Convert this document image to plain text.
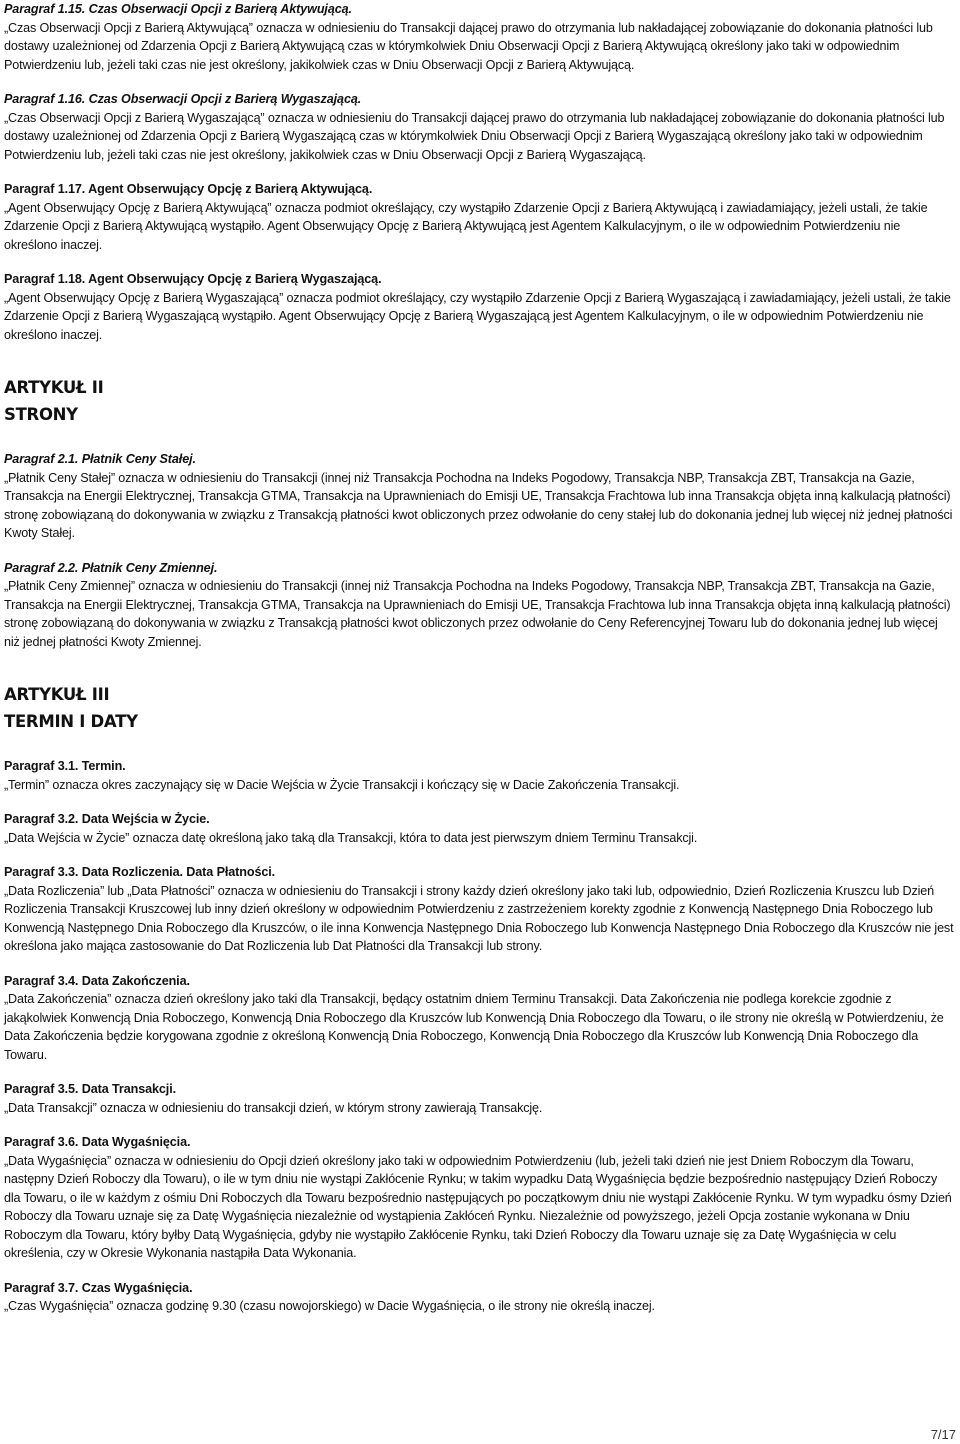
Paragraf 1.15. Czas Obserwacji Opcji z Barierą Aktywującą.

„Czas Obserwacji Opcji z Barierą Aktywującą” oznacza w odniesieniu do Transakcji dającej prawo do otrzymania lub nakładającej zobowiązanie do dokonania płatności lub dostawy uzależnionej od Zdarzenia Opcji z Barierą Aktywującą czas w którymkolwiek Dniu Obserwacji Opcji z Barierą Aktywującą określony jako taki w odpowiednim Potwierdzeniu lub, jeżeli taki czas nie jest określony, jakikolwiek czas w Dniu Obserwacji Opcji z Barierą Aktywującą.

Paragraf 1.16. Czas Obserwacji Opcji z Barierą Wygaszającą.

„Czas Obserwacji Opcji z Barierą Wygaszającą” oznacza w odniesieniu do Transakcji dającej prawo do otrzymania lub nakładającej zobowiązanie do dokonania płatności lub dostawy uzależnionej od Zdarzenia Opcji z Barierą Wygaszającą czas w którymkolwiek Dniu Obserwacji Opcji z Barierą Wygaszającą określony jako taki w odpowiednim Potwierdzeniu lub, jeżeli taki czas nie jest określony, jakikolwiek czas w Dniu Obserwacji Opcji z Barierą Wygaszającą.

Paragraf 1.17. Agent Obserwujący Opcję z Barierą Aktywującą.

„Agent Obserwujący Opcję z Barierą Aktywującą” oznacza podmiot określający, czy wystąpiło Zdarzenie Opcji z Barierą Aktywującą i zawiadamiający, jeżeli ustali, że takie Zdarzenie Opcji z Barierą Aktywującą wystąpiło. Agent Obserwujący Opcję z Barierą Aktywującą jest Agentem Kalkulacyjnym, o ile w odpowiednim Potwierdzeniu nie określono inaczej.

Paragraf 1.18. Agent Obserwujący Opcję z Barierą Wygaszającą.

„Agent Obserwujący Opcję z Barierą Wygaszającą” oznacza podmiot określający, czy wystąpiło Zdarzenie Opcji z Barierą Wygaszającą i zawiadamiający, jeżeli ustali, że takie Zdarzenie Opcji z Barierą Wygaszającą wystąpiło. Agent Obserwujący Opcję z Barierą Wygaszającą jest Agentem Kalkulacyjnym, o ile w odpowiednim Potwierdzeniu nie określono inaczej.

ARTYKUŁ II

STRONY

Paragraf 2.1. Płatnik Ceny Stałej.

„Płatnik Ceny Stałej” oznacza w odniesieniu do Transakcji (innej niż Transakcja Pochodna na Indeks Pogodowy, Transakcja NBP, Transakcja ZBT, Transakcja na Gazie, Transakcja na Energii Elektrycznej, Transakcja GTMA, Transakcja na Uprawnieniach do Emisji UE, Transakcja Frachtowa lub inna Transakcja objęta inną kalkulacją płatności) stronę zobowiązaną do dokonywania w związku z Transakcją płatności kwot obliczonych przez odwołanie do ceny stałej lub do dokonania jednej lub więcej niż jednej płatności Kwoty Stałej.

Paragraf 2.2. Płatnik Ceny Zmiennej.

„Płatnik Ceny Zmiennej” oznacza w odniesieniu do Transakcji (innej niż Transakcja Pochodna na Indeks Pogodowy, Transakcja NBP, Transakcja ZBT, Transakcja na Gazie, Transakcja na Energii Elektrycznej, Transakcja GTMA, Transakcja na Uprawnieniach do Emisji UE, Transakcja Frachtowa lub inna Transakcja objęta inną kalkulacją płatności) stronę zobowiązaną do dokonywania w związku z Transakcją płatności kwot obliczonych przez odwołanie do Ceny Referencyjnej Towaru lub do dokonania jednej lub więcej niż jednej płatności Kwoty Zmiennej.

ARTYKUŁ III

TERMIN I DATY

Paragraf 3.1. Termin.

„Termin” oznacza okres zaczynający się w Dacie Wejścia w Życie Transakcji i kończący się w Dacie Zakończenia Transakcji.

Paragraf 3.2. Data Wejścia w Życie.

„Data Wejścia w Życie” oznacza datę określoną jako taką dla Transakcji, która to data jest pierwszym dniem Terminu Transakcji.

Paragraf 3.3. Data Rozliczenia. Data Płatności.

„Data Rozliczenia” lub „Data Płatności” oznacza w odniesieniu do Transakcji i strony każdy dzień określony jako taki lub, odpowiednio, Dzień Rozliczenia Kruszcu lub Dzień Rozliczenia Transakcji Kruszcowej lub inny dzień określony w odpowiednim Potwierdzeniu z zastrzeżeniem korekty zgodnie z Konwencją Następnego Dnia Roboczego lub Konwencją Następnego Dnia Roboczego dla Kruszców, o ile inna Konwencja Następnego Dnia Roboczego lub Konwencja Następnego Dnia Roboczego dla Kruszców nie jest określona jako mająca zastosowanie do Dat Rozliczenia lub Dat Płatności dla Transakcji lub strony.

Paragraf 3.4. Data Zakończenia.

„Data Zakończenia” oznacza dzień określony jako taki dla Transakcji, będący ostatnim dniem Terminu Transakcji. Data Zakończenia nie podlega korekcie zgodnie z jakąkolwiek Konwencją Dnia Roboczego, Konwencją Dnia Roboczego dla Kruszców lub Konwencją Dnia Roboczego dla Towaru, o ile strony nie określą w Potwierdzeniu, że Data Zakończenia będzie korygowana zgodnie z określoną Konwencją Dnia Roboczego, Konwencją Dnia Roboczego dla Kruszców lub Konwencją Dnia Roboczego dla Towaru.

Paragraf 3.5. Data Transakcji.

„Data Transakcji” oznacza w odniesieniu do transakcji dzień, w którym strony zawierają Transakcję.

Paragraf 3.6. Data Wygaśnięcia.

„Data Wygaśnięcia” oznacza w odniesieniu do Opcji dzień określony jako taki w odpowiednim Potwierdzeniu (lub, jeżeli taki dzień nie jest Dniem Roboczym dla Towaru, następny Dzień Roboczy dla Towaru), o ile w tym dniu nie wystąpi Zakłócenie Rynku; w takim wypadku Datą Wygaśnięcia będzie bezpośrednio następujący Dzień Roboczy dla Towaru, o ile w każdym z ośmiu Dni Roboczych dla Towaru bezpośrednio następujących po początkowym dniu nie wystąpi Zakłócenie Rynku. W tym wypadku ósmy Dzień Roboczy dla Towaru uznaje się za Datę Wygaśnięcia niezależnie od wystąpienia Zakłóceń Rynku. Niezależnie od powyższego, jeżeli Opcja zostanie wykonana w Dniu Roboczym dla Towaru, który byłby Datą Wygaśnięcia, gdyby nie wystąpiło Zakłócenie Rynku, taki Dzień Roboczy dla Towaru uznaje się za Datę Wygaśnięcia w celu określenia, czy w Okresie Wykonania nastąpiła Data Wykonania.

Paragraf 3.7. Czas Wygaśnięcia.

„Czas Wygaśnięcia” oznacza godzinę 9.30 (czasu nowojorskiego) w Dacie Wygaśnięcia, o ile strony nie określą inaczej.

7/17
